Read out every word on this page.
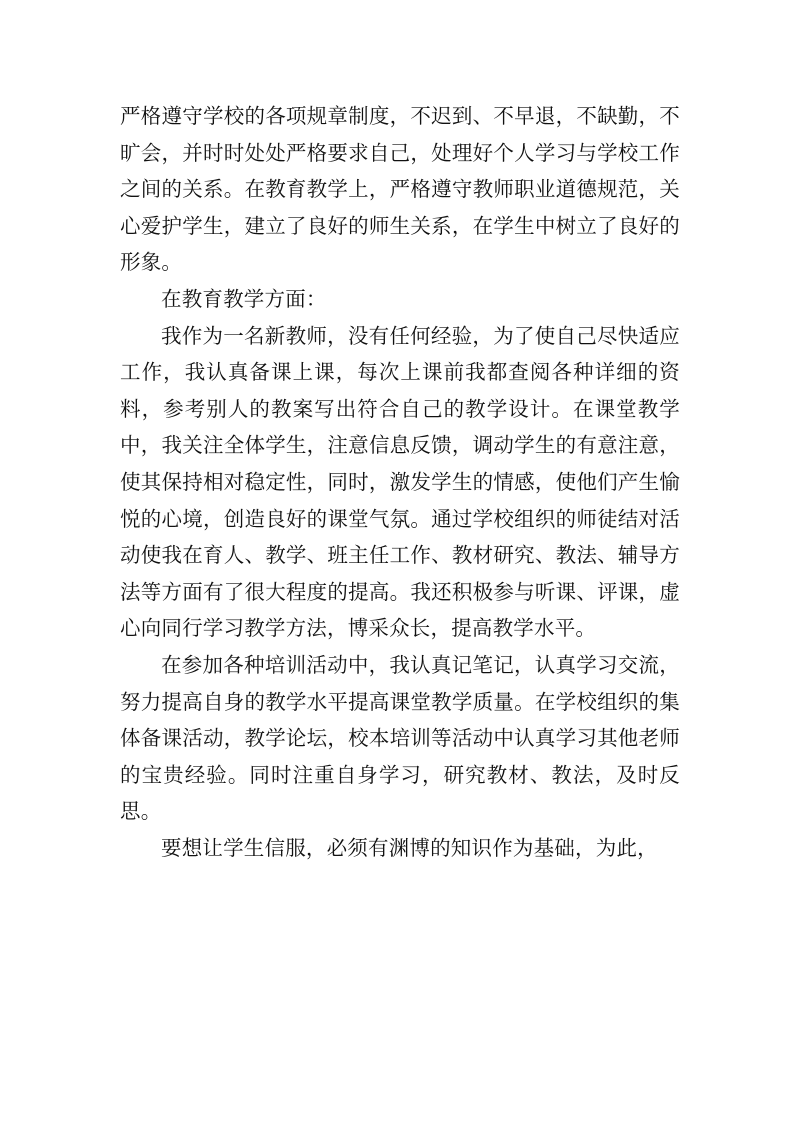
严格遵守学校的各项规章制度，不迟到、不早退，不缺勤，不旷会，并时时处处严格要求自己，处理好个人学习与学校工作之间的关系。在教育教学上，严格遵守教师职业道德规范，关心爱护学生，建立了良好的师生关系，在学生中树立了良好的形象。

在教育教学方面：

我作为一名新教师，没有任何经验，为了使自己尽快适应工作，我认真备课上课，每次上课前我都查阅各种详细的资料，参考别人的教案写出符合自己的教学设计。在课堂教学中，我关注全体学生，注意信息反馈，调动学生的有意注意，使其保持相对稳定性，同时，激发学生的情感，使他们产生愉悦的心境，创造良好的课堂气氛。通过学校组织的师徒结对活动使我在育人、教学、班主任工作、教材研究、教法、辅导方法等方面有了很大程度的提高。我还积极参与听课、评课，虚心向同行学习教学方法，博采众长，提高教学水平。

在参加各种培训活动中，我认真记笔记，认真学习交流，努力提高自身的教学水平提高课堂教学质量。在学校组织的集体备课活动，教学论坛，校本培训等活动中认真学习其他老师的宝贵经验。同时注重自身学习，研究教材、教法，及时反思。

要想让学生信服，必须有渊博的知识作为基础，为此，
